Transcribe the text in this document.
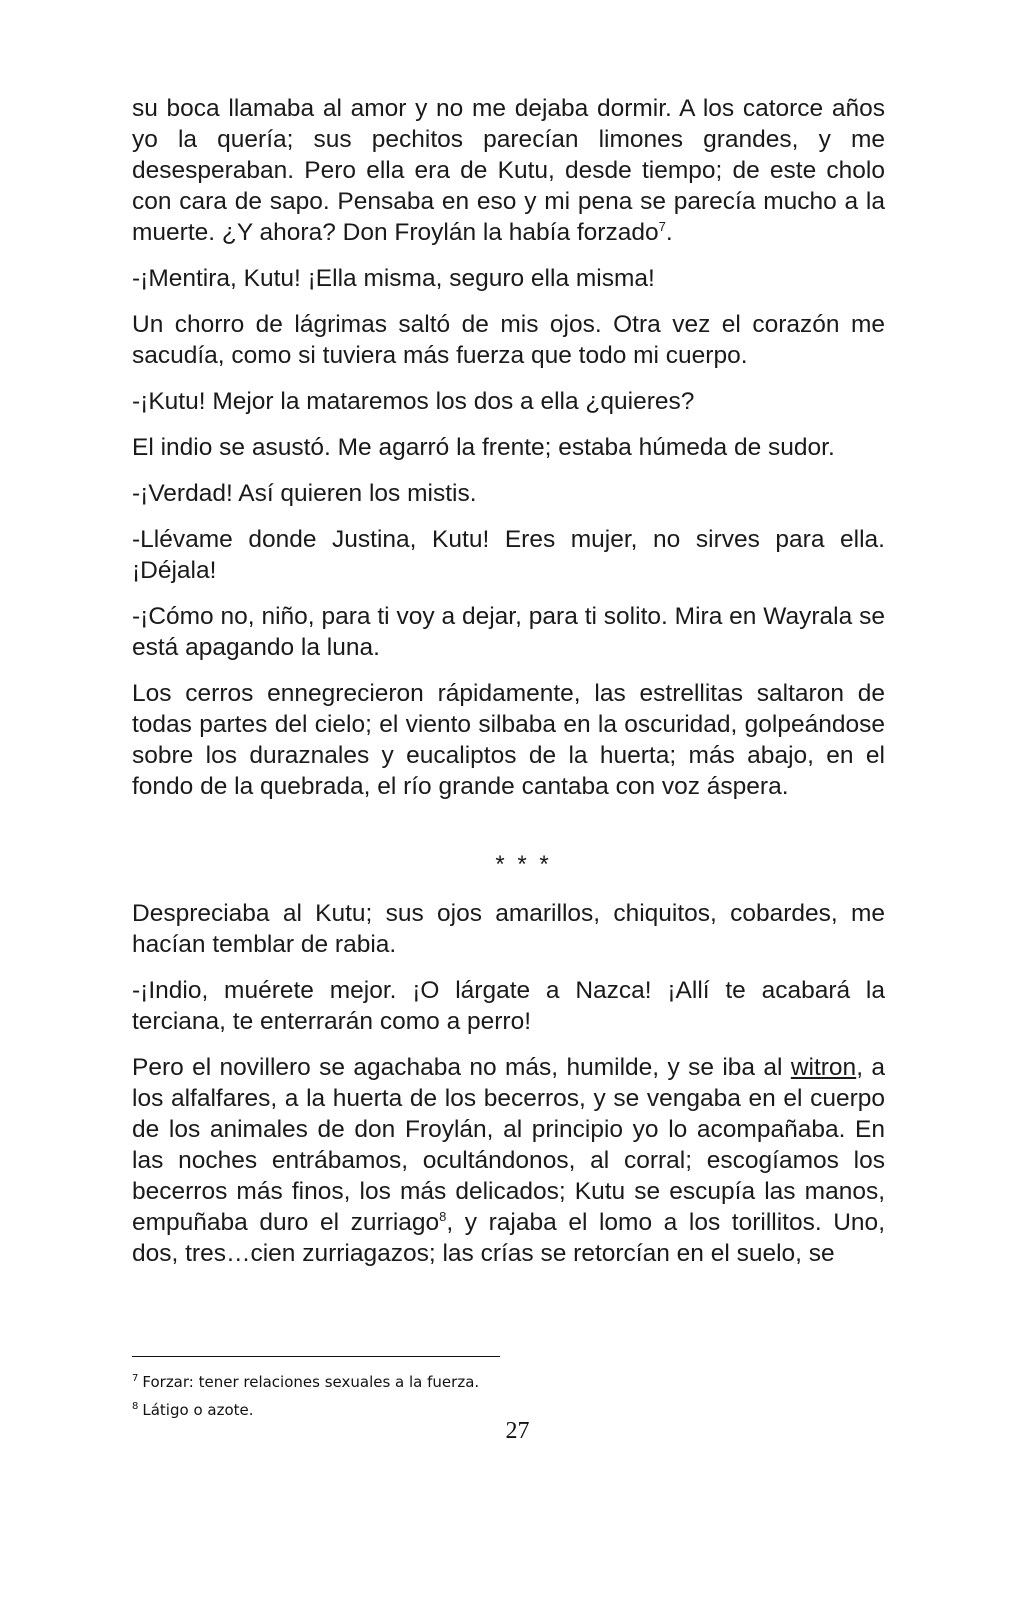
su boca llamaba al amor y no me dejaba dormir. A los catorce años yo la quería; sus pechitos parecían limones grandes, y me desesperaban. Pero ella era de Kutu, desde tiempo; de este cholo con cara de sapo. Pensaba en eso y mi pena se parecía mucho a la muerte. ¿Y ahora? Don Froylán la había forzado$^7$.

-¡Mentira, Kutu! ¡Ella misma, seguro ella misma!

Un chorro de lágrimas saltó de mis ojos. Otra vez el corazón me sacudía, como si tuviera más fuerza que todo mi cuerpo.

-¡Kutu! Mejor la mataremos los dos a ella ¿quieres?

El indio se asustó. Me agarró la frente; estaba húmeda de sudor.

-¡Verdad! Así quieren los mistis.

-Llévame donde Justina, Kutu! Eres mujer, no sirves para ella. ¡Déjala!

-¡Cómo no, niño, para ti voy a dejar, para ti solito. Mira en Wayrala se está apagando la luna.

Los cerros ennegrecieron rápidamente, las estrellitas saltaron de todas partes del cielo; el viento silbaba en la oscuridad, golpeándose sobre los duraznales y eucaliptos de la huerta; más abajo, en el fondo de la quebrada, el río grande cantaba con voz áspera.

* * *

Despreciaba al Kutu; sus ojos amarillos, chiquitos, cobardes, me hacían temblar de rabia.

-¡Indio, muérete mejor. ¡O lárgate a Nazca! ¡Allí te acabará la terciana, te enterrarán como a perro!

Pero el novillero se agachaba no más, humilde, y se iba al witron, a los alfalfares, a la huerta de los becerros, y se vengaba en el cuerpo de los animales de don Froylán, al principio yo lo acompañaba. En las noches entrábamos, ocultándonos, al corral; escogíamos los becerros más finos, los más delicados; Kutu se escupía las manos, empuñaba duro el zurriago$^8$, y rajaba el lomo a los torillitos. Uno, dos, tres…cien zurriagazos; las crías se retorcían en el suelo, se

$^7$ Forzar: tener relaciones sexuales a la fuerza.
$^8$ Látigo o azote.
27
